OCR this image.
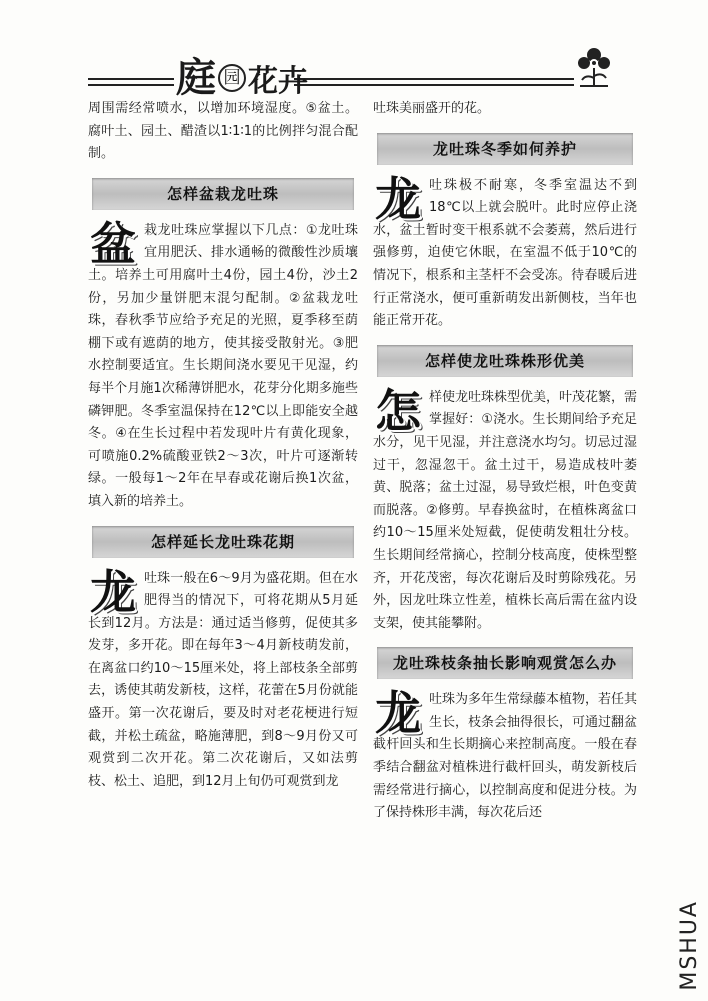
庭 园 花卉

周围需经常喷水，以增加环境湿度。⑤盆土。腐叶土、园土、醋渣以1∶1∶1的比例拌匀混合配制。

怎样盆栽龙吐珠

盆栽龙吐珠应掌握以下几点：①龙吐珠宜用肥沃、排水通畅的微酸性沙质壤土。培养土可用腐叶土4份，园土4份，沙土2份，另加少量饼肥末混匀配制。②盆栽龙吐珠，春秋季节应给予充足的光照，夏季移至荫棚下或有遮荫的地方，使其接受散射光。③肥水控制要适宜。生长期间浇水要见干见湿，约每半个月施1次稀薄饼肥水，花芽分化期多施些磷钾肥。冬季室温保持在12℃以上即能安全越冬。④在生长过程中若发现叶片有黄化现象，可喷施0.2%硫酸亚铁2～3次，叶片可逐渐转绿。一般每1～2年在早春或花谢后换1次盆，填入新的培养土。

怎样延长龙吐珠花期

龙吐珠一般在6～9月为盛花期。但在水肥得当的情况下，可将花期从5月延长到12月。方法是：通过适当修剪，促使其多发芽，多开花。即在每年3～4月新枝萌发前，在离盆口约10～15厘米处，将上部枝条全部剪去，诱使其萌发新枝，这样，花蕾在5月份就能盛开。第一次花谢后，要及时对老花梗进行短截，并松土疏盆，略施薄肥，到8～9月份又可观赏到二次开花。第二次花谢后，又如法剪枝、松土、追肥，到12月上旬仍可观赏到龙

吐珠美丽盛开的花。

龙吐珠冬季如何养护

龙吐珠极不耐寒，冬季室温达不到18℃以上就会脱叶。此时应停止浇水，盆土暂时变干根系就不会萎蔫，然后进行强修剪，迫使它休眠，在室温不低于10℃的情况下，根系和主茎杆不会受冻。待春暖后进行正常浇水，便可重新萌发出新侧枝，当年也能正常开花。

怎样使龙吐珠株形优美

怎样使龙吐珠株型优美，叶茂花繁，需掌握好：①浇水。生长期间给予充足水分，见干见湿，并注意浇水均匀。切忌过湿过干，忽湿忽干。盆土过干，易造成枝叶萎黄、脱落；盆土过湿，易导致烂根，叶色变黄而脱落。②修剪。早春换盆时，在植株离盆口约10～15厘米处短截，促使萌发粗壮分枝。生长期间经常摘心，控制分枝高度，使株型整齐，开花茂密，每次花谢后及时剪除残花。另外，因龙吐珠立性差，植株长高后需在盆内设支架，使其能攀附。

龙吐珠枝条抽长影响观赏怎么办

龙吐珠为多年生常绿藤本植物，若任其生长，枝条会抽得很长，可通过翻盆截杆回头和生长期摘心来控制高度。一般在春季结合翻盆对植株进行截杆回头，萌发新枝后需经常进行摘心，以控制高度和促进分枝。为了保持株形丰满，每次花后还

MSHUA
